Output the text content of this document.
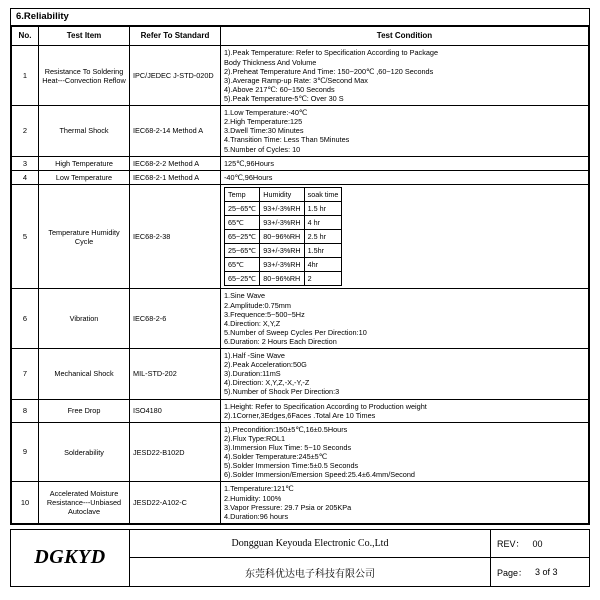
6.Reliability
No.	Test Item	Refer To Standard	Test Condition
1	Resistance To Soldering Heat---Convection Reflow	IPC/JEDEC J-STD-020D	
1).Peak Temperature: Refer to Specification According to Package
Body Thickness And Volume
2).Preheat Temperature And Time: 150~200℃ ,60~120 Seconds
3).Average Ramp-up Rate: 3℃/Second Max
4).Above 217℃: 60~150 Seconds
5).Peak Temperature-5℃: Over 30 S

2	Thermal Shock	IEC68-2-14 Method A	
1.Low Temperature:-40℃
2.High Temperature:125
3.Dwell Time:30 Minutes
4.Transition Time: Less Than 5Minutes
5.Number of Cycles: 10

3	High Temperature	IEC68-2-2 Method A	125℃,96Hours

4	Low Temperature	IEC68-2-1 Method A	-40℃,96Hours

5	Temperature Humidity Cycle	IEC68-2-38	
Temp	Humidity	soak time
25~65℃	93+/-3%RH	1.5 hr
65℃	93+/-3%RH	4 hr
65~25℃	80~96%RH	2.5 hr
25~65℃	93+/-3%RH	1.5hr
65℃	93+/-3%RH	4hr
65~25℃	80~96%RH	2

6	Vibration	IEC68-2-6	
1.Sine Wave
2.Amplitude:0.75mm
3.Frequence:5~500~5Hz
4.Direction: X,Y,Z
5.Number of Sweep Cycles Per Direction:10
6.Duration: 2 Hours Each Direction

7	Mechanical Shock	MIL-STD-202	
1).Half -Sine Wave
2).Peak Acceleration:50G
3).Duration:11mS
4).Direction: X,Y,Z,-X,-Y,-Z
5).Number of Shock Per Direction:3

8	Free Drop	ISO4180	
1.Height: Refer to Specification According to Production weight
2).1Corner,3Edges,6Faces .Total Are 10 Times

9	Solderability	JESD22-B102D	
1).Precondition:150±5℃,16±0.5Hours
2).Flux Type:ROL1
3).Immersion Flux Time: 5~10 Seconds
4).Solder Temperature:245±5℃
5).Solder Immersion Time:5±0.5 Seconds
6).Solder Immersion/Emersion Speed:25.4±6.4mm/Second

10	Accelerated Moisture Resistance---Unbiased Autoclave	JESD22-A102-C	
1.Temperature:121℃
2.Humidity: 100%
3.Vapor Pressure: 29.7 Psia or 205KPa
4.Duration:96 hours
DGKYD
Dongguan Keyouda Electronic Co.,Ltd
东莞科优达电子科技有限公司
REV： 00
Page： 3 of 3
